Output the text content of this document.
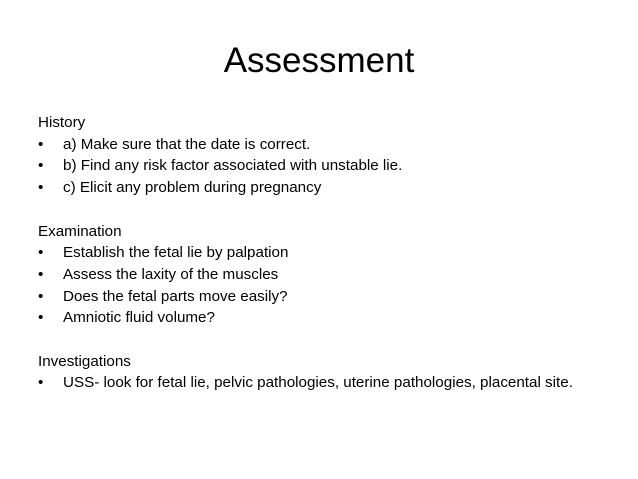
Assessment

History

• a) Make sure that the date is correct.
• b) Find any risk factor associated with unstable lie.
• c) Elicit any problem during pregnancy

Examination

• Establish the fetal lie by palpation
• Assess the laxity of the muscles
• Does the fetal parts move easily?
• Amniotic fluid volume?

Investigations

• USS- look for fetal lie, pelvic pathologies, uterine pathologies, placental site.
